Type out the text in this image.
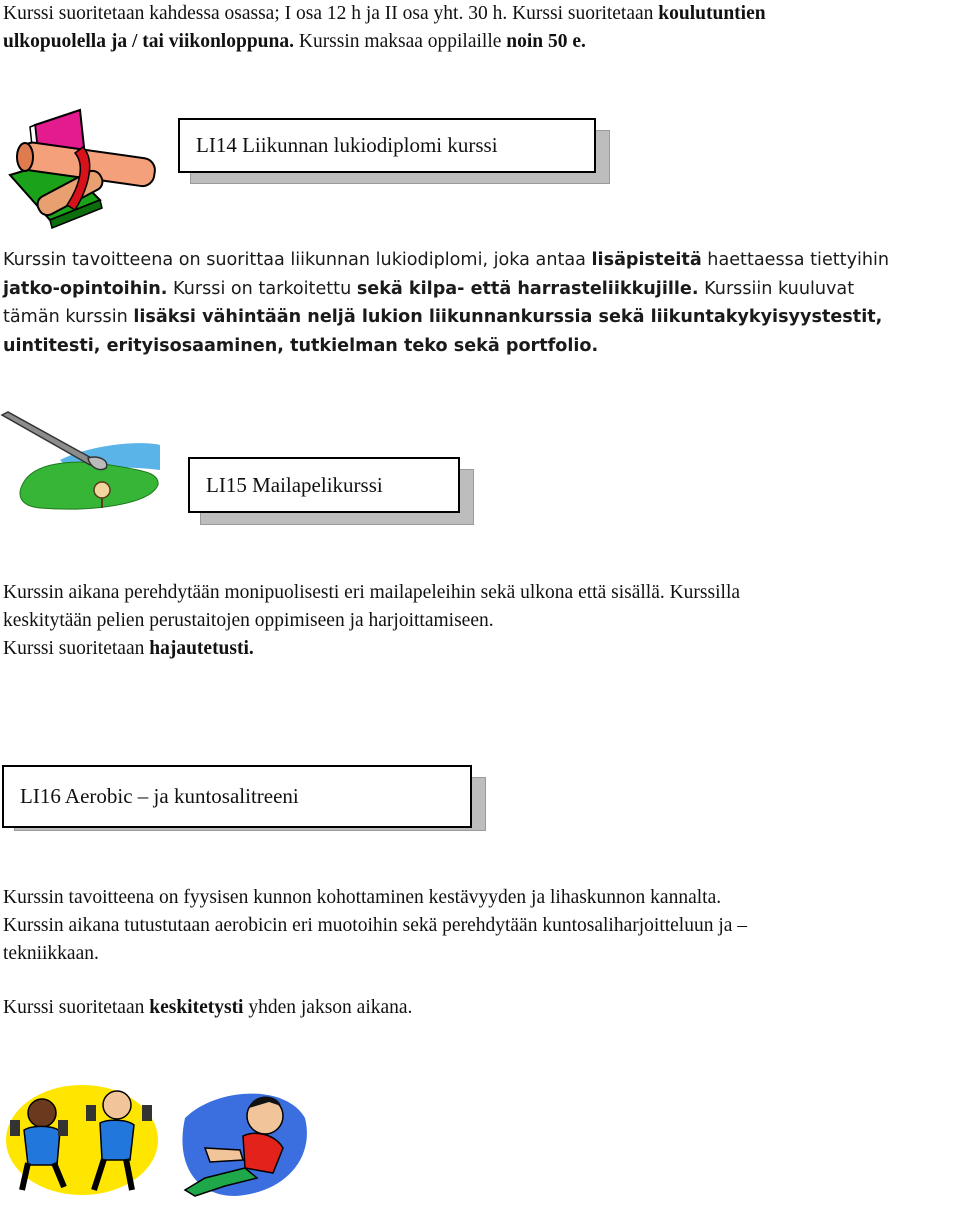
Kurssi suoritetaan kahdessa osassa; I osa 12 h ja II osa yht. 30 h. Kurssi suoritetaan koulutuntien
ulkopuolella ja / tai viikonloppuna. Kurssin maksaa oppilaille noin 50 e.
LI14 Liikunnan lukiodiplomi kurssi
Kurssin tavoitteena on suorittaa liikunnan lukiodiplomi, joka antaa lisäpisteitä haettaessa tiettyihin
jatko-opintoihin. Kurssi on tarkoitettu sekä kilpa- että harrasteliikkujille. Kurssiin kuuluvat
tämän kurssin lisäksi vähintään neljä lukion liikunnankurssia sekä liikuntakykyisyystestit,
uintitesti, erityisosaaminen, tutkielman teko sekä portfolio.
LI15 Mailapelikurssi
Kurssin aikana perehdytään monipuolisesti eri mailapeleihin sekä ulkona että sisällä. Kurssilla
keskitytään pelien perustaitojen oppimiseen ja harjoittamiseen.
Kurssi suoritetaan hajautetusti.
LI16 Aerobic – ja kuntosalitreeni
Kurssin tavoitteena on fyysisen kunnon kohottaminen kestävyyden ja lihaskunnon kannalta.
Kurssin aikana tutustutaan aerobicin eri muotoihin sekä perehdytään kuntosaliharjoitteluun ja –
tekniikkaan.
Kurssi suoritetaan keskitetysti yhden jakson aikana.
